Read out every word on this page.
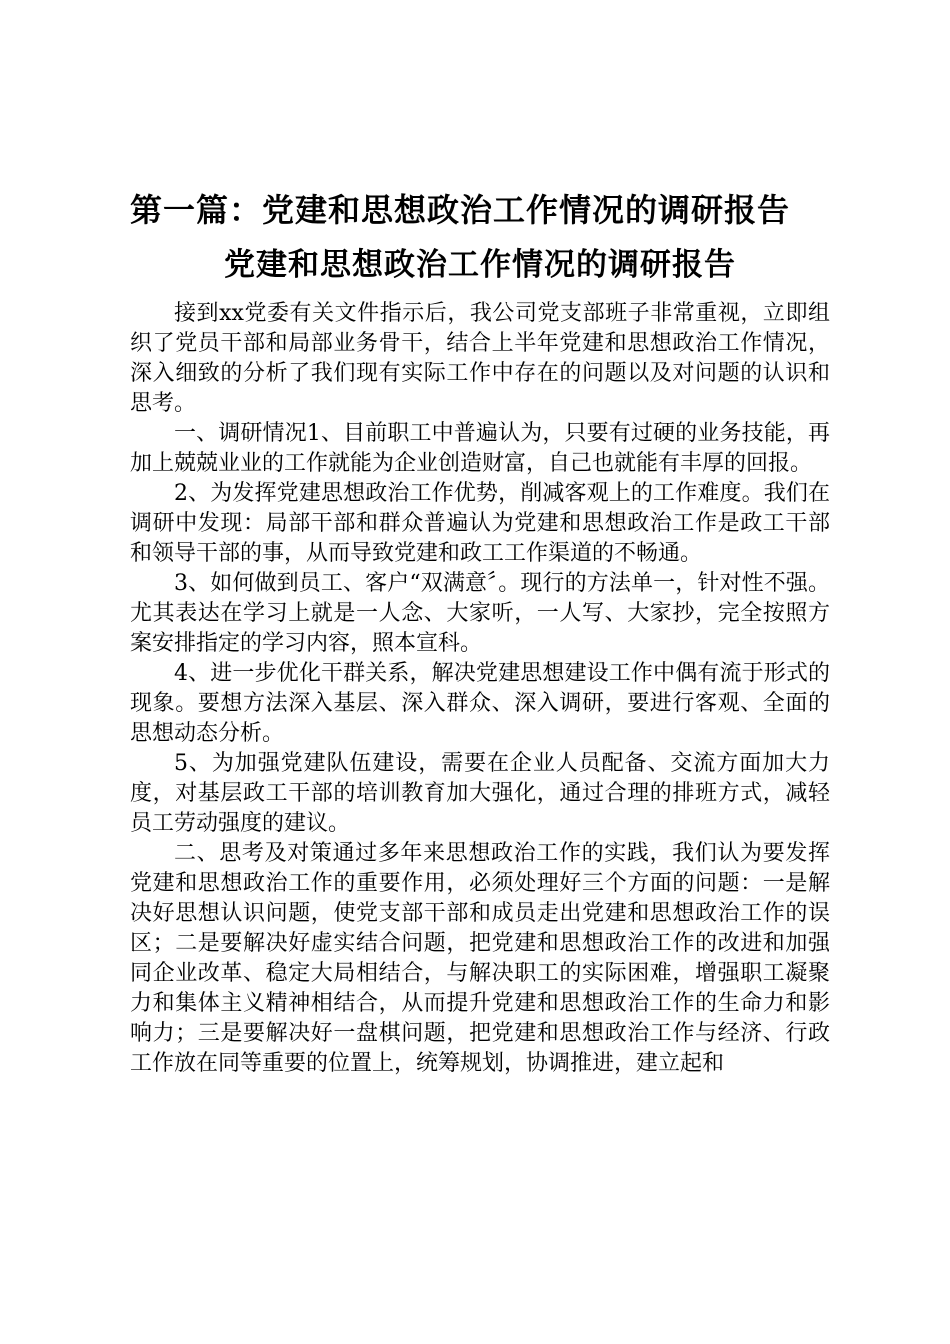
第一篇：党建和思想政治工作情况的调研报告
党建和思想政治工作情况的调研报告

接到xx党委有关文件指示后，我公司党支部班子非常重视，立即组织了党员干部和局部业务骨干，结合上半年党建和思想政治工作情况，深入细致的分析了我们现有实际工作中存在的问题以及对问题的认识和思考。

一、调研情况1、目前职工中普遍认为，只要有过硬的业务技能，再加上兢兢业业的工作就能为企业创造财富，自己也就能有丰厚的回报。

2、为发挥党建思想政治工作优势，削减客观上的工作难度。我们在调研中发现：局部干部和群众普遍认为党建和思想政治工作是政工干部和领导干部的事，从而导致党建和政工工作渠道的不畅通。

3、如何做到员工、客户“双满意〞。现行的方法单一，针对性不强。尤其表达在学习上就是一人念、大家听，一人写、大家抄，完全按照方案安排指定的学习内容，照本宣科。

4、进一步优化干群关系，解决党建思想建设工作中偶有流于形式的现象。要想方法深入基层、深入群众、深入调研，要进行客观、全面的思想动态分析。

5、为加强党建队伍建设，需要在企业人员配备、交流方面加大力度，对基层政工干部的培训教育加大强化，通过合理的排班方式，减轻员工劳动强度的建议。

二、思考及对策通过多年来思想政治工作的实践，我们认为要发挥党建和思想政治工作的重要作用，必须处理好三个方面的问题：一是解决好思想认识问题，使党支部干部和成员走出党建和思想政治工作的误区；二是要解决好虚实结合问题，把党建和思想政治工作的改进和加强同企业改革、稳定大局相结合，与解决职工的实际困难，增强职工凝聚力和集体主义精神相结合，从而提升党建和思想政治工作的生命力和影响力；三是要解决好一盘棋问题，把党建和思想政治工作与经济、行政工作放在同等重要的位置上，统筹规划，协调推进，建立起和
